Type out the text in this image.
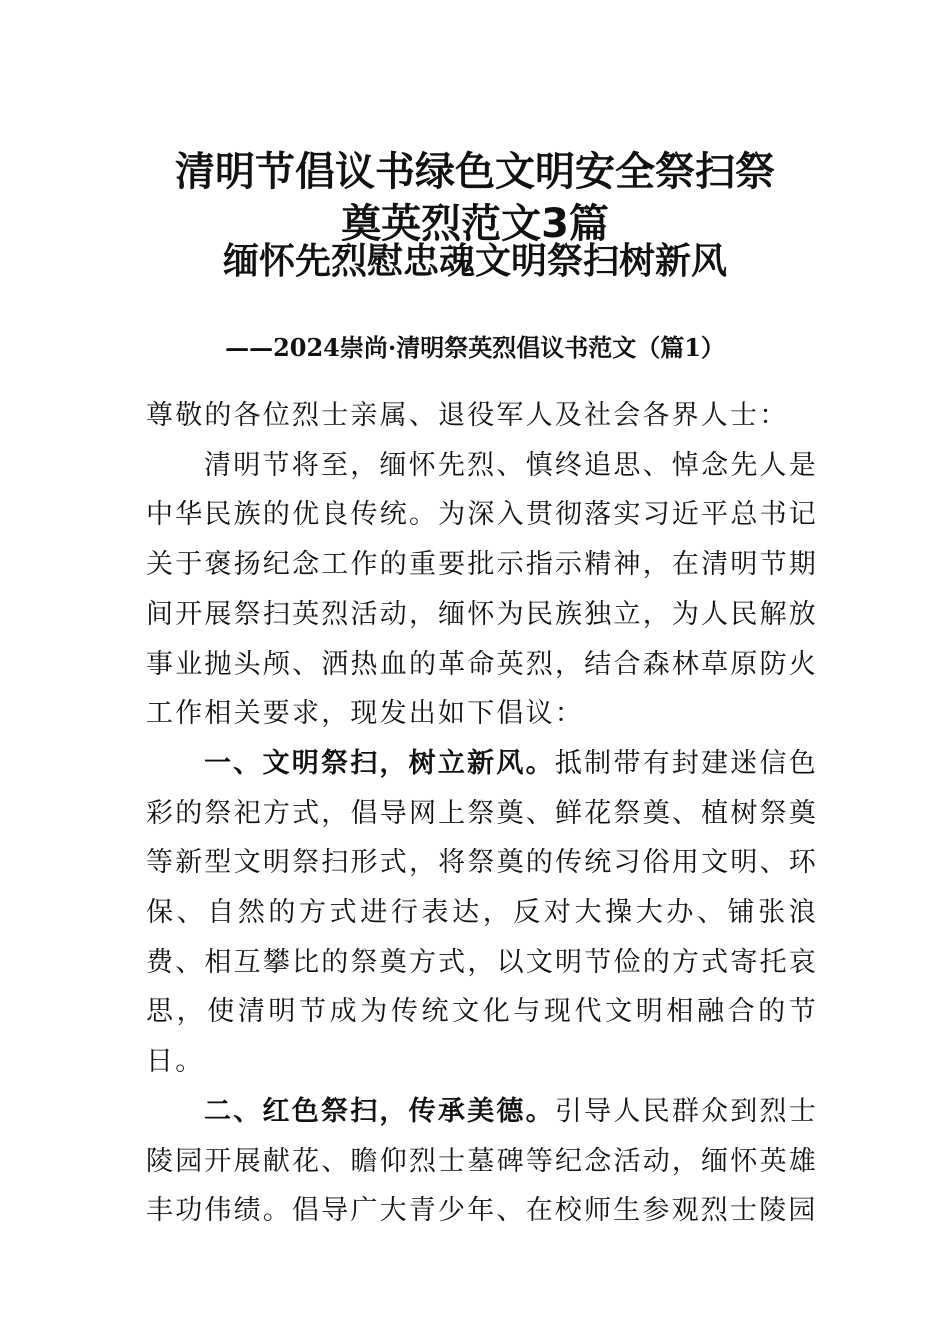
清明节倡议书绿色文明安全祭扫祭
奠英烈范文3篇
缅怀先烈慰忠魂文明祭扫树新风
——2024崇尚·清明祭英烈倡议书范文（篇1）

尊敬的各位烈士亲属、退役军人及社会各界人士：

清明节将至，缅怀先烈、慎终追思、悼念先人是中华民族的优良传统。为深入贯彻落实习近平总书记关于褒扬纪念工作的重要批示指示精神，在清明节期间开展祭扫英烈活动，缅怀为民族独立，为人民解放事业抛头颅、洒热血的革命英烈，结合森林草原防火工作相关要求，现发出如下倡议：

一、文明祭扫，树立新风。抵制带有封建迷信色彩的祭祀方式，倡导网上祭奠、鲜花祭奠、植树祭奠等新型文明祭扫形式，将祭奠的传统习俗用文明、环保、自然的方式进行表达，反对大操大办、铺张浪费、相互攀比的祭奠方式，以文明节俭的方式寄托哀思，使清明节成为传统文化与现代文明相融合的节日。

二、红色祭扫，传承美德。引导人民群众到烈士陵园开展献花、瞻仰烈士墓碑等纪念活动，缅怀英雄丰功伟绩。倡导广大青少年、在校师生参观烈士陵园
